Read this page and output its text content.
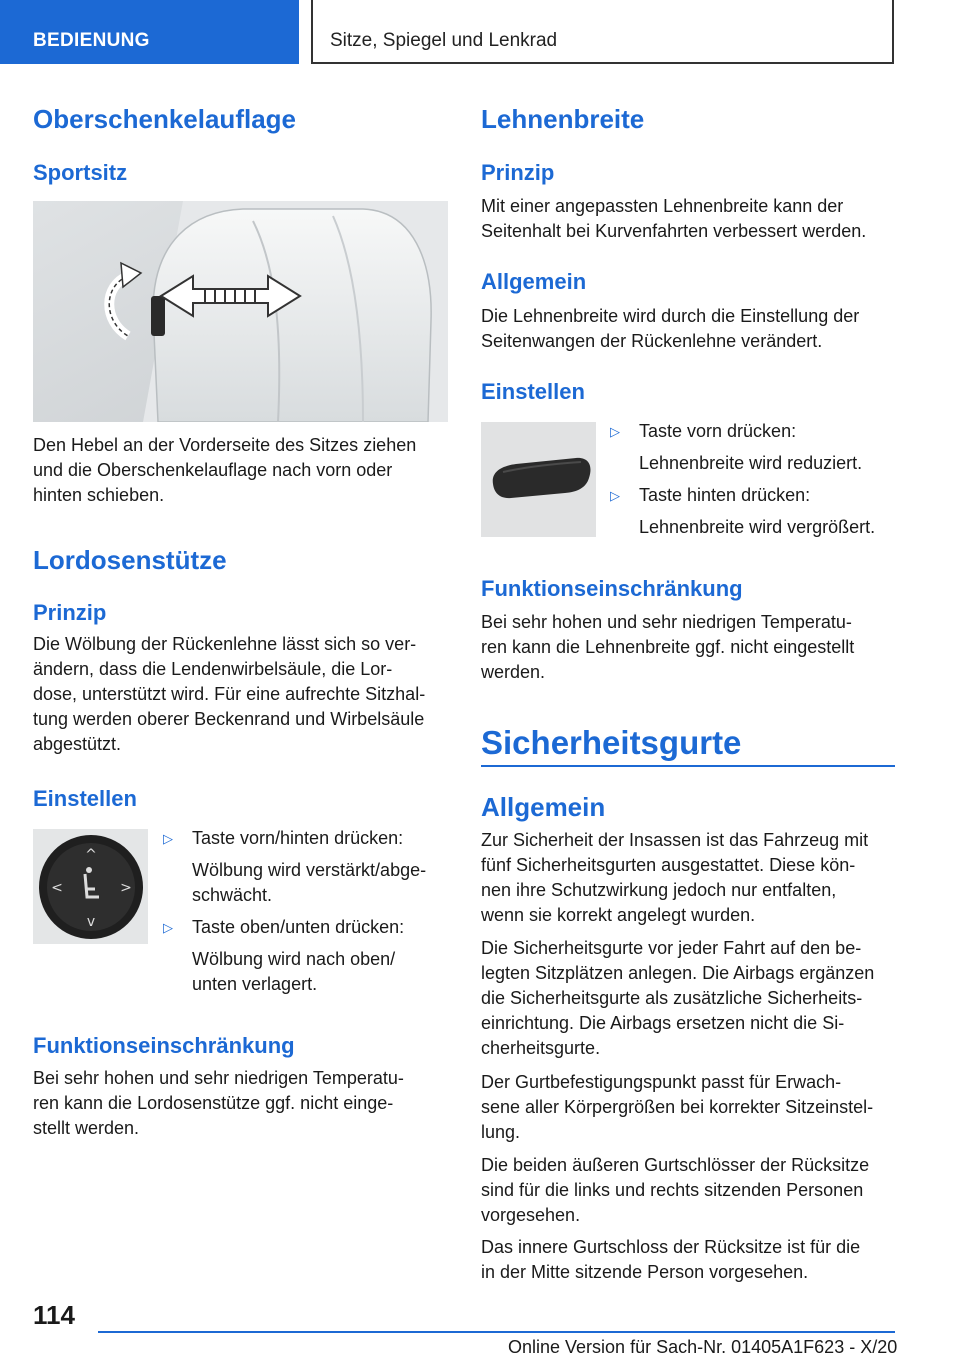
BEDIENUNG	Sitze, Spiegel und Lenkrad
Oberschenkelauflage
Sportsitz

Den Hebel an der Vorderseite des Sitzes ziehen
und die Oberschenkelauflage nach vorn oder
hinten schieben.

Lordosenstütze
Prinzip

Die Wölbung der Rückenlehne lässt sich so ver-
ändern, dass die Lendenwirbelsäule, die Lor-
dose, unterstützt wird. Für eine aufrechte Sitzhal-
tung werden oberer Beckenrand und Wirbelsäule
abgestützt.

Einstellen
^
v
<	>
▷ Taste vorn/hinten drücken:
Wölbung wird verstärkt/abge-
schwächt.
▷ Taste oben/unten drücken:
Wölbung wird nach oben/
unten verlagert.
Funktionseinschränkung

Bei sehr hohen und sehr niedrigen Temperatu-
ren kann die Lordosenstütze ggf. nicht einge-
stellt werden.

Lehnenbreite
Prinzip

Mit einer angepassten Lehnenbreite kann der
Seitenhalt bei Kurvenfahrten verbessert werden.

Allgemein

Die Lehnenbreite wird durch die Einstellung der
Seitenwangen der Rückenlehne verändert.

Einstellen
▷ Taste vorn drücken:
Lehnenbreite wird reduziert.
▷ Taste hinten drücken:
Lehnenbreite wird vergrößert.
Funktionseinschränkung

Bei sehr hohen und sehr niedrigen Temperatu-
ren kann die Lehnenbreite ggf. nicht eingestellt
werden.

Sicherheitsgurte
Allgemein

Zur Sicherheit der Insassen ist das Fahrzeug mit
fünf Sicherheitsgurten ausgestattet. Diese kön-
nen ihre Schutzwirkung jedoch nur entfalten,
wenn sie korrekt angelegt wurden.

Die Sicherheitsgurte vor jeder Fahrt auf den be-
legten Sitzplätzen anlegen. Die Airbags ergänzen
die Sicherheitsgurte als zusätzliche Sicherheits-
einrichtung. Die Airbags ersetzen nicht die Si-
cherheitsgurte.

Der Gurtbefestigungspunkt passt für Erwach-
sene aller Körpergrößen bei korrekter Sitzeinstel-
lung.

Die beiden äußeren Gurtschlösser der Rücksitze
sind für die links und rechts sitzenden Personen
vorgesehen.

Das innere Gurtschloss der Rücksitze ist für die
in der Mitte sitzende Person vorgesehen.

114
Online Version für Sach-Nr. 01405A1F623 - X/20
